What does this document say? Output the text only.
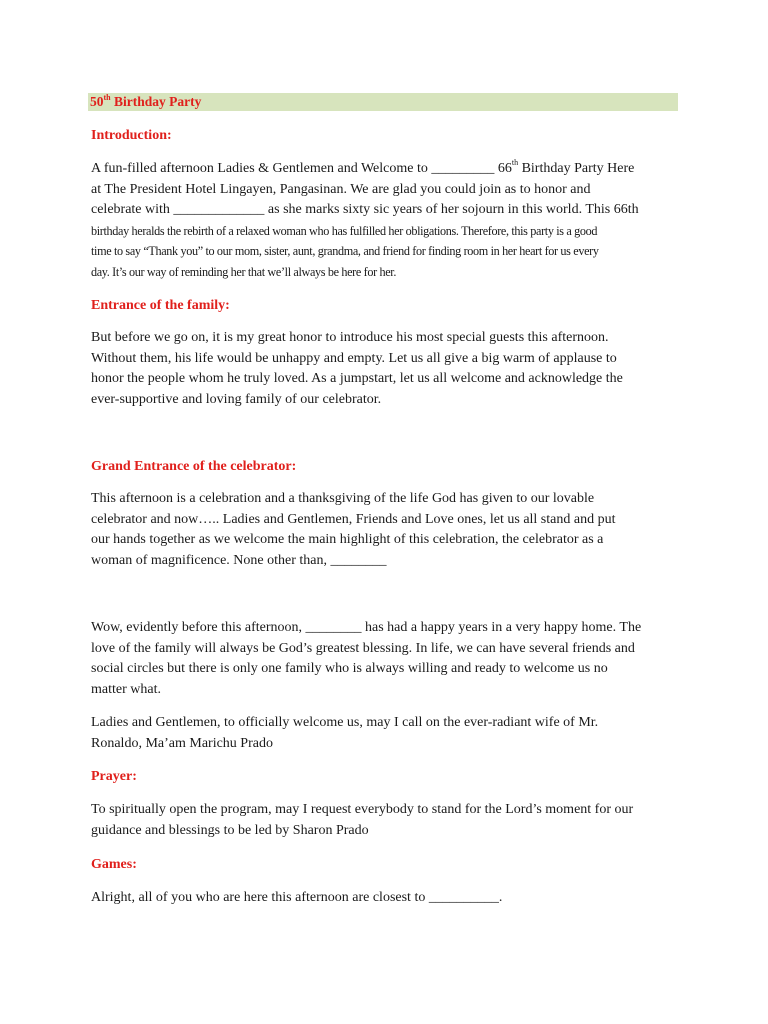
50th Birthday Party
Introduction:
A fun-filled afternoon Ladies & Gentlemen and Welcome to _________ 66th Birthday Party Here
at The President Hotel Lingayen, Pangasinan. We are glad you could join as to honor and
celebrate with _____________ as she marks sixty sic years of her sojourn in this world. This 66th
birthday heralds the rebirth of a relaxed woman who has fulfilled her obligations. Therefore, this party is a good
time to say “Thank you” to our mom, sister, aunt, grandma, and friend for finding room in her heart for us every
day. It’s our way of reminding her that we’ll always be here for her.
Entrance of the family:
But before we go on, it is my great honor to introduce his most special guests this afternoon.
Without them, his life would be unhappy and empty. Let us all give a big warm of applause to
honor the people whom he truly loved. As a jumpstart, let us all welcome and acknowledge the
ever-supportive and loving family of our celebrator.
Grand Entrance of the celebrator:
This afternoon is a celebration and a thanksgiving of the life God has given to our lovable
celebrator and now….. Ladies and Gentlemen, Friends and Love ones, let us all stand and put
our hands together as we welcome the main highlight of this celebration, the celebrator as a
woman of magnificence. None other than, ________
Wow, evidently before this afternoon, ________ has had a happy years in a very happy home. The
love of the family will always be God’s greatest blessing. In life, we can have several friends and
social circles but there is only one family who is always willing and ready to welcome us no
matter what.
Ladies and Gentlemen, to officially welcome us, may I call on the ever-radiant wife of Mr.
Ronaldo, Ma’am Marichu Prado
Prayer:
To spiritually open the program, may I request everybody to stand for the Lord’s moment for our
guidance and blessings to be led by Sharon Prado
Games:
Alright, all of you who are here this afternoon are closest to __________.
